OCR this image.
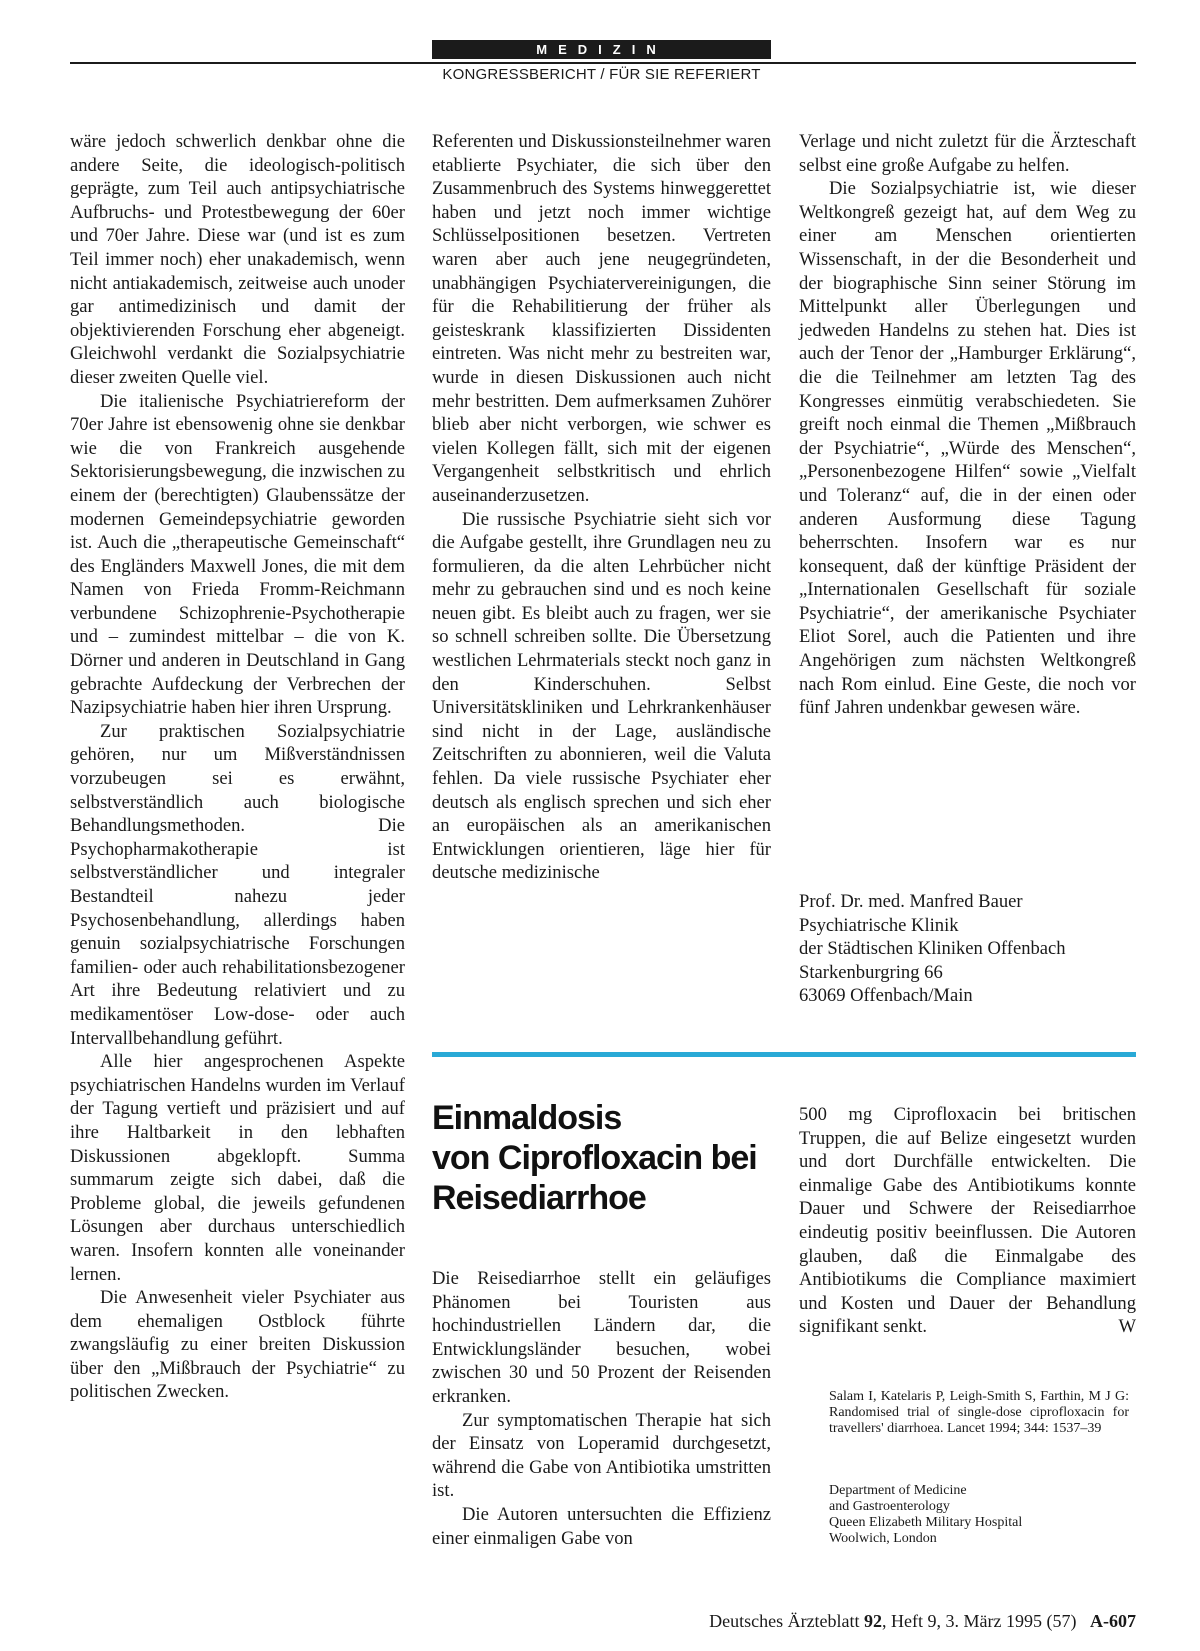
MEDIZIN
KONGRESSBERICHT / FÜR SIE REFERIERT

wäre jedoch schwerlich denkbar ohne die andere Seite, die ideologisch-politisch geprägte, zum Teil auch antipsychiatrische Aufbruchs- und Protestbewegung der 60er und 70er Jahre. Diese war (und ist es zum Teil immer noch) eher unakademisch, wenn nicht antiakademisch, zeitweise auch unoder gar antimedizinisch und damit der objektivierenden Forschung eher abgeneigt. Gleichwohl verdankt die Sozialpsychiatrie dieser zweiten Quelle viel.

Die italienische Psychiatriereform der 70er Jahre ist ebensowenig ohne sie denkbar wie die von Frankreich ausgehende Sektorisierungsbewegung, die inzwischen zu einem der (berechtigten) Glaubenssätze der modernen Gemeindepsychiatrie geworden ist. Auch die „therapeutische Gemeinschaft“ des Engländers Maxwell Jones, die mit dem Namen von Frieda Fromm-Reichmann verbundene Schizophrenie-Psychotherapie und – zumindest mittelbar – die von K. Dörner und anderen in Deutschland in Gang gebrachte Aufdeckung der Verbrechen der Nazipsychiatrie haben hier ihren Ursprung.

Zur praktischen Sozialpsychiatrie gehören, nur um Mißverständnissen vorzubeugen sei es erwähnt, selbstverständlich auch biologische Behandlungsmethoden. Die Psychopharmakotherapie ist selbstverständlicher und integraler Bestandteil nahezu jeder Psychosenbehandlung, allerdings haben genuin sozialpsychiatrische Forschungen familien- oder auch rehabilitationsbezogener Art ihre Bedeutung relativiert und zu medikamentöser Low-dose- oder auch Intervallbehandlung geführt.

Alle hier angesprochenen Aspekte psychiatrischen Handelns wurden im Verlauf der Tagung vertieft und präzisiert und auf ihre Haltbarkeit in den lebhaften Diskussionen abgeklopft. Summa summarum zeigte sich dabei, daß die Probleme global, die jeweils gefundenen Lösungen aber durchaus unterschiedlich waren. Insofern konnten alle voneinander lernen.

Die Anwesenheit vieler Psychiater aus dem ehemaligen Ostblock führte zwangsläufig zu einer breiten Diskussion über den „Mißbrauch der Psychiatrie“ zu politischen Zwecken.

Referenten und Diskussionsteilnehmer waren etablierte Psychiater, die sich über den Zusammenbruch des Systems hinweggerettet haben und jetzt noch immer wichtige Schlüsselpositionen besetzen. Vertreten waren aber auch jene neugegründeten, unabhängigen Psychiatervereinigungen, die für die Rehabilitierung der früher als geisteskrank klassifizierten Dissidenten eintreten. Was nicht mehr zu bestreiten war, wurde in diesen Diskussionen auch nicht mehr bestritten. Dem aufmerksamen Zuhörer blieb aber nicht verborgen, wie schwer es vielen Kollegen fällt, sich mit der eigenen Vergangenheit selbstkritisch und ehrlich auseinanderzusetzen.

Die russische Psychiatrie sieht sich vor die Aufgabe gestellt, ihre Grundlagen neu zu formulieren, da die alten Lehrbücher nicht mehr zu gebrauchen sind und es noch keine neuen gibt. Es bleibt auch zu fragen, wer sie so schnell schreiben sollte. Die Übersetzung westlichen Lehrmaterials steckt noch ganz in den Kinderschuhen. Selbst Universitätskliniken und Lehrkrankenhäuser sind nicht in der Lage, ausländische Zeitschriften zu abonnieren, weil die Valuta fehlen. Da viele russische Psychiater eher deutsch als englisch sprechen und sich eher an europäischen als an amerikanischen Entwicklungen orientieren, läge hier für deutsche medizinische

Verlage und nicht zuletzt für die Ärzteschaft selbst eine große Aufgabe zu helfen.

Die Sozialpsychiatrie ist, wie dieser Weltkongreß gezeigt hat, auf dem Weg zu einer am Menschen orientierten Wissenschaft, in der die Besonderheit und der biographische Sinn seiner Störung im Mittelpunkt aller Überlegungen und jedweden Handelns zu stehen hat. Dies ist auch der Tenor der „Hamburger Erklärung“, die die Teilnehmer am letzten Tag des Kongresses einmütig verabschiedeten. Sie greift noch einmal die Themen „Mißbrauch der Psychiatrie“, „Würde des Menschen“, „Personenbezogene Hilfen“ sowie „Vielfalt und Toleranz“ auf, die in der einen oder anderen Ausformung diese Tagung beherrschten. Insofern war es nur konsequent, daß der künftige Präsident der „Internationalen Gesellschaft für soziale Psychiatrie“, der amerikanische Psychiater Eliot Sorel, auch die Patienten und ihre Angehörigen zum nächsten Weltkongreß nach Rom einlud. Eine Geste, die noch vor fünf Jahren undenkbar gewesen wäre.

Prof. Dr. med. Manfred Bauer
Psychiatrische Klinik
der Städtischen Kliniken Offenbach
Starkenburgring 66
63069 Offenbach/Main
Einmaldosis
von Ciprofloxacin bei
Reisediarrhoe

Die Reisediarrhoe stellt ein geläufiges Phänomen bei Touristen aus hochindustriellen Ländern dar, die Entwicklungsländer besuchen, wobei zwischen 30 und 50 Prozent der Reisenden erkranken.

Zur symptomatischen Therapie hat sich der Einsatz von Loperamid durchgesetzt, während die Gabe von Antibiotika umstritten ist.

Die Autoren untersuchten die Effizienz einer einmaligen Gabe von

500 mg Ciprofloxacin bei britischen Truppen, die auf Belize eingesetzt wurden und dort Durchfälle entwickelten. Die einmalige Gabe des Antibiotikums konnte Dauer und Schwere der Reisediarrhoe eindeutig positiv beeinflussen. Die Autoren glauben, daß die Einmalgabe des Antibiotikums die Compliance maximiert und Kosten und Dauer der Behandlung signifikant senkt.	W

Salam I, Katelaris P, Leigh-Smith S, Farthin, M J G: Randomised trial of single-dose ciprofloxacin for travellers' diarrhoea. Lancet 1994; 344: 1537–39
Department of Medicine
and Gastroenterology
Queen Elizabeth Military Hospital
Woolwich, London
Deutsches Ärzteblatt 92, Heft 9, 3. März 1995 (57) A-607
